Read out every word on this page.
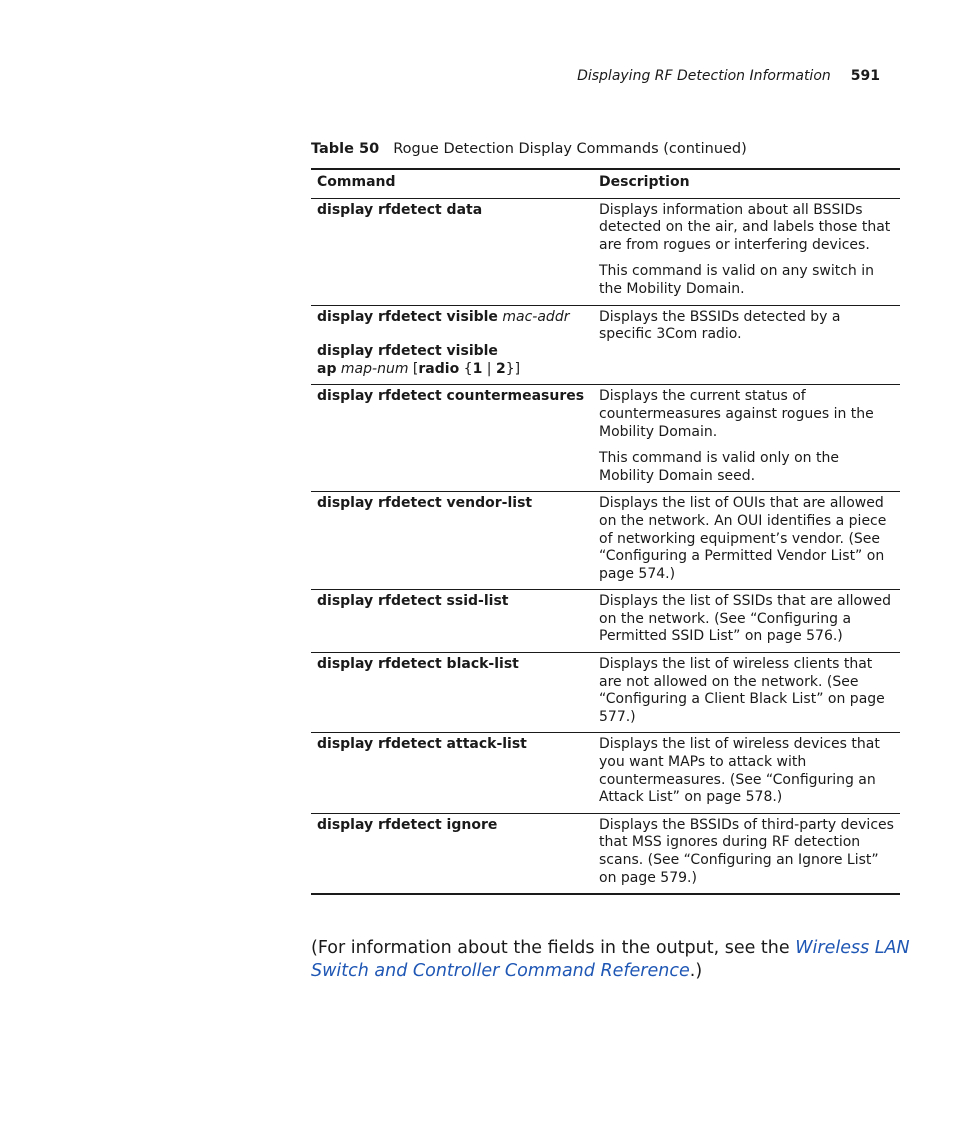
Displaying RF Detection Information 591
Table 50 Rogue Detection Display Commands (continued)
Command	Description
display rfdetect data	Displays information about all BSSIDs detected on the air, and labels those that are from rogues or interfering devices.

This command is valid on any switch in the Mobility Domain.

display rfdetect visible mac-addr
display rfdetect visible
ap map-num [radio {1 | 2}]	Displays the BSSIDs detected by a specific 3Com radio.

display rfdetect countermeasures	Displays the current status of countermeasures against rogues in the Mobility Domain.

This command is valid only on the Mobility Domain seed.

display rfdetect vendor-list	Displays the list of OUIs that are allowed on the network. An OUI identifies a piece of networking equipment’s vendor. (See “Configuring a Permitted Vendor List” on page 574.)

display rfdetect ssid-list	Displays the list of SSIDs that are allowed on the network. (See “Configuring a Permitted SSID List” on page 576.)

display rfdetect black-list	Displays the list of wireless clients that are not allowed on the network. (See “Configuring a Client Black List” on page 577.)

display rfdetect attack-list	Displays the list of wireless devices that you want MAPs to attack with countermeasures. (See “Configuring an Attack List” on page 578.)

display rfdetect ignore	Displays the BSSIDs of third-party devices that MSS ignores during RF detection scans. (See “Configuring an Ignore List” on page 579.)

(For information about the fields in the output, see the Wireless LAN Switch and Controller Command Reference.)
